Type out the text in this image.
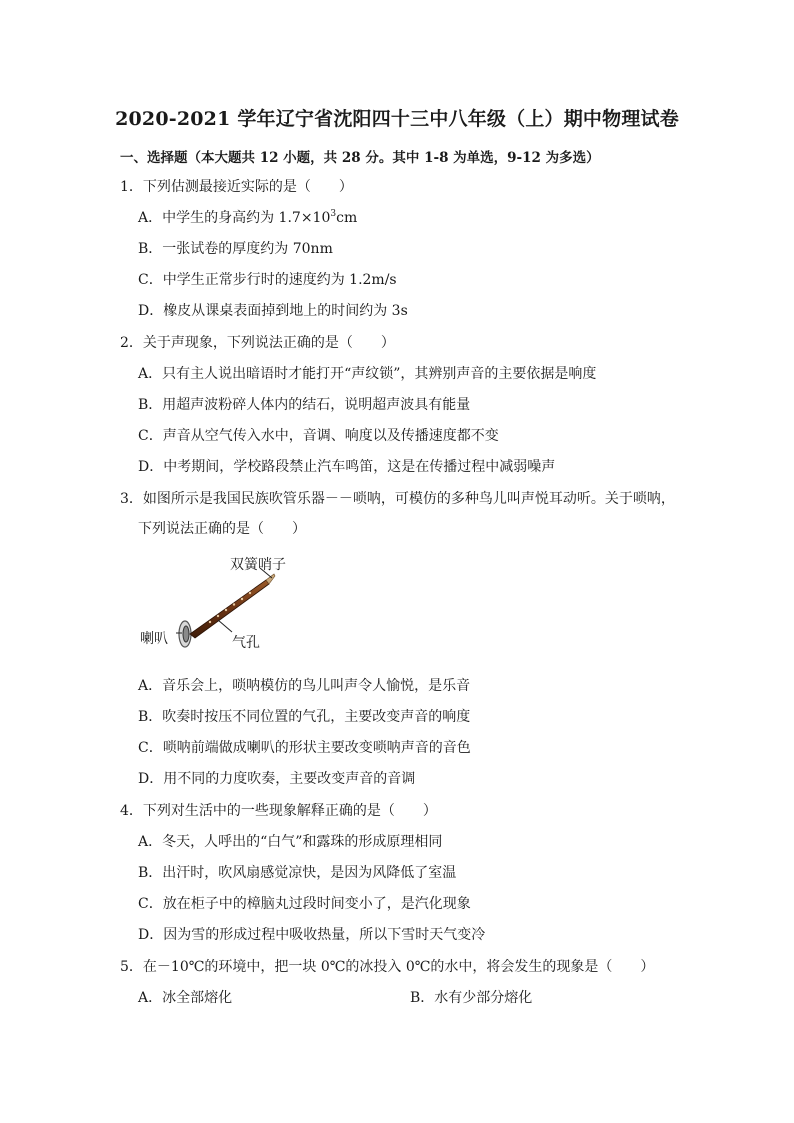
2020-2021 学年辽宁省沈阳四十三中八年级（上）期中物理试卷
一、选择题（本大题共 12 小题，共 28 分。其中 1-8 为单选，9-12 为多选）
1．下列估测最接近实际的是（　　）
A．中学生的身高约为 $1.7\times 10^3cm$
B．一张试卷的厚度约为 70nm
C．中学生正常步行时的速度约为 1.2m/s
D．橡皮从课桌表面掉到地上的时间约为 3s
2．关于声现象，下列说法正确的是（　　）
A．只有主人说出暗语时才能打开“声纹锁”，其辨别声音的主要依据是响度
B．用超声波粉碎人体内的结石，说明超声波具有能量
C．声音从空气传入水中，音调、响度以及传播速度都不变
D．中考期间，学校路段禁止汽车鸣笛，这是在传播过程中减弱噪声
3．如图所示是我国民族吹管乐器－－唢呐，可模仿的多种鸟儿叫声悦耳动听。关于唢呐，
下列说法正确的是（　　）
双簧哨子
喇叭	气孔
A．音乐会上，唢呐模仿的鸟儿叫声令人愉悦，是乐音
B．吹奏时按压不同位置的气孔，主要改变声音的响度
C．唢呐前端做成喇叭的形状主要改变唢呐声音的音色
D．用不同的力度吹奏，主要改变声音的音调
4．下列对生活中的一些现象解释正确的是（　　）
A．冬天，人呼出的“白气”和露珠的形成原理相同
B．出汗时，吹风扇感觉凉快，是因为风降低了室温
C．放在柜子中的樟脑丸过段时间变小了，是汽化现象
D．因为雪的形成过程中吸收热量，所以下雪时天气变冷
5．在－10℃的环境中，把一块 0℃的冰投入 0℃的水中，将会发生的现象是（　　）
A．冰全部熔化	B．水有少部分熔化
